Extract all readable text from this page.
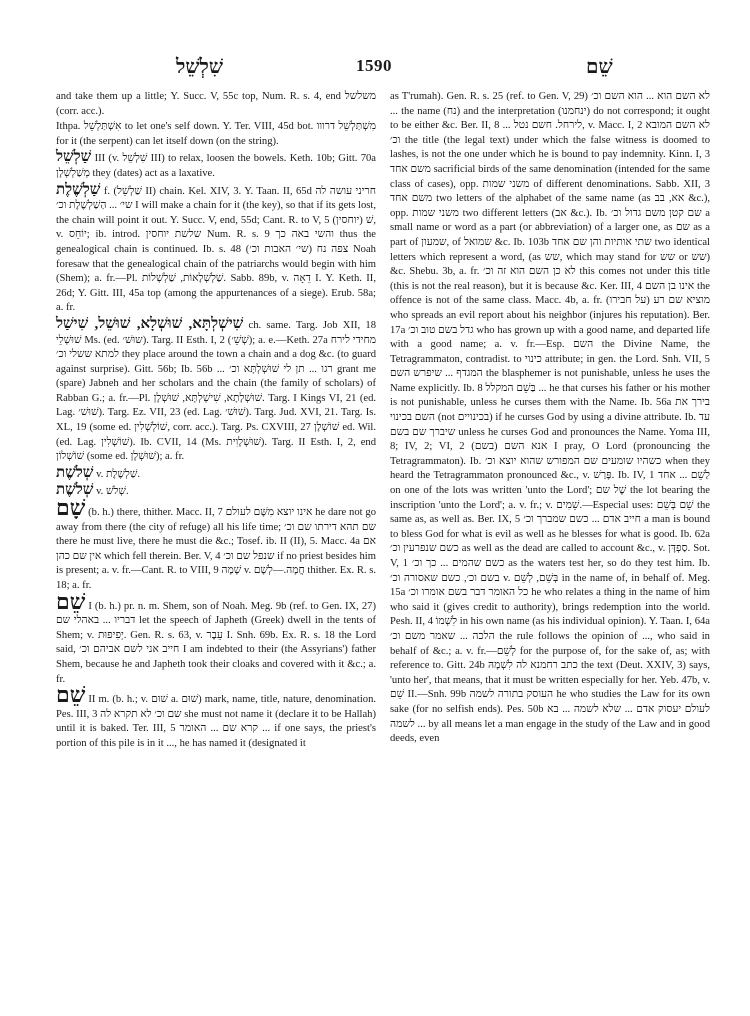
שִׁלְשֵׁל	1590	שֵׁם

and take them up a little; Y. Succ. V, 55c top, Num. R. s. 4, end משלשל (corr. acc.).

Ithpa. אִשְׁתַּלְשֵׁל to let one's self down. Y. Ter. VIII, 45d bot. מִשְׁתַּלְשֵׁל דרווו for it (the serpent) can let itself down (on the string).

שַׁלְשֵׁל III (v. שִׁלְשֵׁל III) to relax, loosen the bowels. Keth. 10b; Gitt. 70a מְשַׁלְשְׁלָן they (dates) act as a laxative.

שַׁלְשֶׁלֶת f. (שַׁלְשֵׁל II) chain. Kel. XIV, 3. Y. Taan. II, 65d חריני עושה לה שי׳ ... הַשַׁלְשֶׁלֶת וכ׳ I will make a chain for it (the key), so that if its gets lost, the chain will point it out. Y. Succ. V, end, 55d; Cant. R. to V, 5 (יוחסין) שׁ, v. יוֹחֵס; ib. introd. שלשת יוחסין Num. R. s. 9 והשי באה כך thus the genealogical chain is continued. Ib. s. 48 צפה נח (שי׳ האבות וכ׳) Noah foresaw that the genealogical chain of the patriarchs would begin with him (Shem); a. fr.—Pl. שַׁלְשְׁלָאוֹת, שַׁלְשְׁלוֹת. Sabb. 89b, v. דֵאָה I. Y. Keth. II, 26d; Y. Gitt. III, 45a top (among the appurtenances of a siege). Erub. 58a; a. fr.

שִׁישְׁלְתָּא, שׁוּשְׁלָא, שׁוּשֵׁל, שִׁישַׁל ch. same. Targ. Job XII, 18 שׁוּשְׁלֵי Ms. (ed. שוּשׁ׳). Targ. II Esth. I, 2 (שְׁשֵׁ׳); a. e.—Keth. 27a מחידי לירח למתא ששלי וכ׳ they place around the town a chain and a dog &c. (to guard against surprise). Gitt. 56b; Ib. 56b ... רגו ... תן לי שׁוּשְׁלְתָּא וכ׳ grant me (spare) Jabneh and her scholars and the chain (the family of scholars) of Rabban G.; a. fr.—Pl. שׁוּשְׁלָתָא, שִׁישְׁלְתָּא, שׁוּשְׁלָן. Targ. I Kings VI, 21 (ed. Lag. שׁוּשׁ׳). Targ. Ez. VII, 23 (ed. Lag. שׁוּשׁ׳). Targ. Jud. XVI, 21. Targ. Is. XL, 19 (some ed. שׁוֹלְשְׁלִין, corr. acc.). Targ. Ps. CXVIII, 27 שׁוֹשְׁלָן ed. Wil. (ed. Lag. שׁוֹשְׁלִין). Ib. CVII, 14 (Ms. שׁוּשְׁלָוִית). Targ. II Esth. I, 2, end שׁוֹשְׁלוֹן (some ed. שׁוּשְׁלָן); a. fr.

שְׁלֹשֶׁת v. שַׁלְשֶׁלֶת.

שְׁלֹשֶׁת v. שְׁלֹשׁ.

שָׁם (b. h.) there, thither. Macc. II, 7 אינו יוצא מִשָּׁם לעולם he dare not go away from there (the city of refuge) all his life time; שם תהא דירתו שם וכ׳ there he must live, there he must die &c.; Tosef. ib. II (II), 5. Macc. 4a אם אין שם כהן which fell therein. Ber. V, 4 שנפל שם וכ׳ if no priest besides him is present; a. v. fr.—Cant. R. to VIII, 9 שָׁמָה v. חֲמָה.—לְשָׁם thither. Ex. R. s. 18; a. fr.

שֵׁם I (b. h.) pr. n. m. Shem, son of Noah. Meg. 9b (ref. to Gen. IX, 27) דבריו ... באהלי שם let the speech of Japheth (Greek) dwell in the tents of Shem; v. יְפִיפוּת. Gen. R. s. 63, v. עֵבֶר I. Snh. 69b. Ex. R. s. 18 the Lord said, חייב אני לשם אביהם וכ׳ I am indebted to their (the Assyrians') father Shem, because he and Japheth took their cloaks and covered with it &c.; a. fr.

שֵׁם II m. (b. h.; v. שׁוּם a. שׁוּם) mark, name, title, nature, denomination. Pes. III, 3 שם וכ׳ לא תקרא לה she must not name it (declare it to be Hallah) until it is baked. Ter. III, 5 קרא שם ... האומר ... if one says, the priest's portion of this pile is in it ..., he has named it (designated it

as T'rumah). Gen. R. s. 25 (ref. to Gen. V, 29) לא השם הוא ... הוא השם וכ׳ ... the name (נח) and the interpretation (ינחמנו) do not correspond; it ought to be either &c. Ber. II, 8 ... לירחל. חשם נטל, v. Macc. I, 2 לא השם המובא וכ׳ the title (the legal text) under which the false witness is doomed to lashes, is not the one under which he is bound to pay indemnity. Kinn. I, 3 משם אחד sacrificial birds of the same denomination (intended for the same class of cases), opp. משני שמות of different denominations. Sabb. XII, 3 משם אחד two letters of the alphabet of the same name (as אא, בב &c.), opp. משני שמות two different letters (אב &c.). Ib. שם קטן משם גדול וכ׳ a small name or word as a part (or abbreviation) of a larger one, as שם as a part of שמעון, of שמואל &c. Ib. 103b שתי אותיות והן שם אחד two identical letters which represent a word, (as שש, which may stand for שש or שש) &c. Shebu. 3b, a. fr. לא כן השם הוא זה וכ׳ this comes not under this title (this is not the real reason), but it is because &c. Ker. III, 4 אינו בן השם the offence is not of the same class. Macc. 4b, a. fr. מוציא שם רע (על חבירו) who spreads an evil report about his neighbor (injures his reputation). Ber. 17a גדל בשם טוב וכ׳ who has grown up with a good name, and departed life with a good name; a. v. fr.—Esp. השם the Divine Name, the Tetragrammaton, contradist. to כינוי attribute; in gen. the Lord. Snh. VII, 5 המגדף ... שיפרש השם the blasphemer is not punishable, unless he uses the Name explicitly. Ib. 8 בַּשֵׁם המקלל ... he that curses his father or his mother is not punishable, unless he curses them with the Name. Ib. 56a בירך את השם בכינוי (not בכינויים) if he curses God by using a divine attribute. Ib. עד שיברך שם בשם unless he curses God and pronounces the Name. Yoma III, 8; IV, 2; VI, 2 (בשם) אנא השם I pray, O Lord (pronouncing the Tetragrammaton). Ib. כשהיו שומעים שם המפורש שהוא יוצא וכ׳ when they heard the Tetragrammaton pronounced &c., v. פָּרַשׁ. Ib. IV, 1 לַשֵׁם ... אחד on one of the lots was written 'unto the Lord'; שֶׁל שם the lot bearing the inscription 'unto the Lord'; a. v. fr.; v. שֵׁמִים.—Especial uses: שֵׁם בְּשֵׁם the same as, as well as. Ber. IX, 5 חייב אדם ... כשם שמברך וכ׳ a man is bound to bless God for what is evil as well as he blesses for what is good. Ib. 62a כשם שנפרעין וכ׳ as well as the dead are called to account &c., v. סַפְדָּן. Sot. V, 1 כשם שהמים ... כך וכ׳ as the waters test her, so do they test him. Ib. בשם וכ׳, כשם שאסורה וכ׳ v. בְּשֵׁם, לְשֵׁם in the name of, in behalf of. Meg. 15a כל האומר דבר בשם אומרו וכ׳ he who relates a thing in the name of him who said it (gives credit to authority), brings redemption into the world. Pesh. II, 4 לִשְׁמוֹ in his own name (as his individual opinion). Y. Taan. I, 64a הלכה ... שאמר משם וכ׳ the rule follows the opinion of ..., who said in behalf of &c.; a. v. fr.—לְשֵׁם for the purpose of, for the sake of, as; with reference to. Gitt. 24b כתב רחמנא לה לִשְׁמָהּ the text (Deut. XXIV, 3) says, 'unto her', that means, that it must be written especially for her. Yeb. 47b, v. שֵׁם II.—Snh. 99b העוסק בתורה לשמה he who studies the Law for its own sake (for no selfish ends). Pes. 50b לעולם יעסוק אדם ... שלא לשמה ... בא לשמה ... by all means let a man engage in the study of the Law and in good deeds, even
